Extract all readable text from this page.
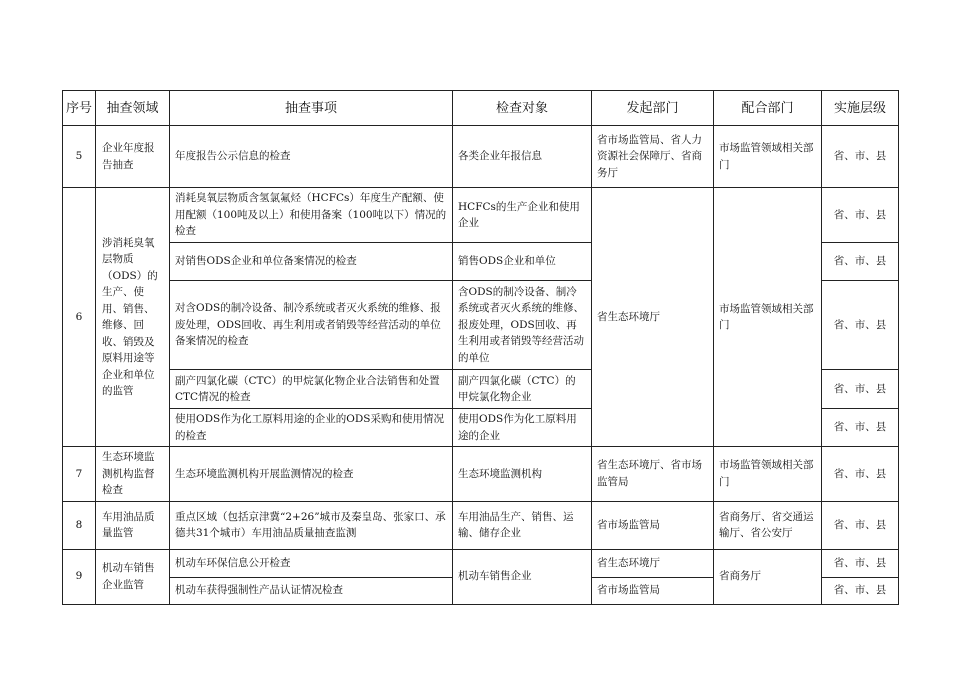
序号	抽查领域	抽查事项	检查对象	发起部门	配合部门	实施层级
5	企业年度报告抽查	年度报告公示信息的检查	各类企业年报信息	省市场监管局、省人力资源社会保障厅、省商务厅	市场监管领域相关部门	省、市、县
6	涉消耗臭氧层物质（ODS）的生产、使用、销售、维修、回收、销毁及原料用途等企业和单位的监管	消耗臭氧层物质含氢氯氟烃（HCFCs）年度生产配额、使用配额（100吨及以上）和使用备案（100吨以下）情况的检查	HCFCs的生产企业和使用企业	省生态环境厅	市场监管领域相关部门	省、市、县
		对销售ODS企业和单位备案情况的检查	销售ODS企业和单位			省、市、县
		对含ODS的制冷设备、制冷系统或者灭火系统的维修、报废处理，ODS回收、再生利用或者销毁等经营活动的单位备案情况的检查	含ODS的制冷设备、制冷系统或者灭火系统的维修、报废处理，ODS回收、再生利用或者销毁等经营活动的单位			省、市、县
		副产四氯化碳（CTC）的甲烷氯化物企业合法销售和处置CTC情况的检查	副产四氯化碳（CTC）的甲烷氯化物企业			省、市、县
		使用ODS作为化工原料用途的企业的ODS采购和使用情况的检查	使用ODS作为化工原料用途的企业			省、市、县
7	生态环境监测机构监督检查	生态环境监测机构开展监测情况的检查	生态环境监测机构	省生态环境厅、省市场监管局	市场监管领域相关部门	省、市、县
8	车用油品质量监管	重点区域（包括京津冀“2+26”城市及秦皇岛、张家口、承德共31个城市）车用油品质量抽查监测	车用油品生产、销售、运输、储存企业	省市场监管局	省商务厅、省交通运输厅、省公安厅	省、市、县
9	机动车销售企业监管	机动车环保信息公开检查	机动车销售企业	省生态环境厅	省商务厅	省、市、县
		机动车获得强制性产品认证情况检查		省市场监管局		省、市、县
